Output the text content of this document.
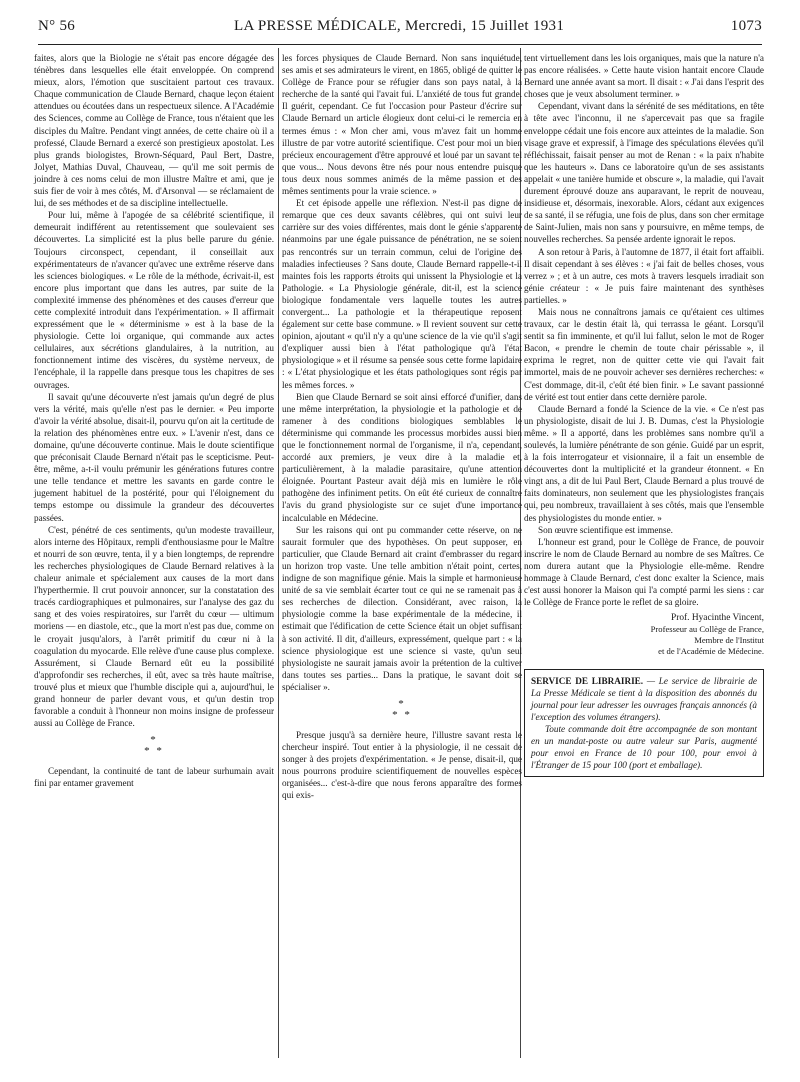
N° 56	LA PRESSE MÉDICALE, Mercredi, 15 Juillet 1931	1073

faites, alors que la Biologie ne s'était pas encore dégagée des ténèbres dans lesquelles elle était enveloppée. On comprend mieux, alors, l'émotion que suscitaient partout ces travaux. Chaque communication de Claude Bernard, chaque leçon étaient attendues ou écoutées dans un respectueux silence. A l'Académie des Sciences, comme au Collège de France, tous n'étaient que les disciples du Maître. Pendant vingt années, de cette chaire où il a professé, Claude Bernard a exercé son prestigieux apostolat. Les plus grands biologistes, Brown-Séquard, Paul Bert, Dastre, Jolyet, Mathias Duval, Chauveau, — qu'il me soit permis de joindre à ces noms celui de mon illustre Maître et ami, que je suis fier de voir à mes côtés, M. d'Arsonval — se réclamaient de lui, de ses méthodes et de sa discipline intellectuelle.

Pour lui, même à l'apogée de sa célébrité scientifique, il demeurait indifférent au retentissement que soulevaient ses découvertes. La simplicité est la plus belle parure du génie. Toujours circonspect, cependant, il conseillait aux expérimentateurs de n'avancer qu'avec une extrême réserve dans les sciences biologiques. « Le rôle de la méthode, écrivait-il, est encore plus important que dans les autres, par suite de la complexité immense des phénomènes et des causes d'erreur que cette complexité introduit dans l'expérimentation. » Il affirmait expressément que le « déterminisme » est à la base de la physiologie. Cette loi organique, qui commande aux actes cellulaires, aux sécrétions glandulaires, à la nutrition, au fonctionnement intime des viscères, du système nerveux, de l'encéphale, il la rappelle dans presque tous les chapitres de ses ouvrages.

Il savait qu'une découverte n'est jamais qu'un degré de plus vers la vérité, mais qu'elle n'est pas le dernier. « Peu importe d'avoir la vérité absolue, disait-il, pourvu qu'on ait la certitude de la relation des phénomènes entre eux. » L'avenir n'est, dans ce domaine, qu'une découverte continue. Mais le doute scientifique que préconisait Claude Bernard n'était pas le scepticisme. Peut-être, même, a-t-il voulu prémunir les générations futures contre une telle tendance et mettre les savants en garde contre le jugement habituel de la postérité, pour qui l'éloignement du temps estompe ou dissimule la grandeur des découvertes passées.

C'est, pénétré de ces sentiments, qu'un modeste travailleur, alors interne des Hôpitaux, rempli d'enthousiasme pour le Maître et nourri de son œuvre, tenta, il y a bien longtemps, de reprendre les recherches physiologiques de Claude Bernard relatives à la chaleur animale et spécialement aux causes de la mort dans l'hyperthermie. Il crut pouvoir annoncer, sur la constatation des tracés cardiographiques et pulmonaires, sur l'analyse des gaz du sang et des voies respiratoires, sur l'arrêt du cœur — ultimum moriens — en diastole, etc., que la mort n'est pas due, comme on le croyait jusqu'alors, à l'arrêt primitif du cœur ni à la coagulation du myocarde. Elle relève d'une cause plus complexe. Assurément, si Claude Bernard eût eu la possibilité d'approfondir ses recherches, il eût, avec sa très haute maîtrise, trouvé plus et mieux que l'humble disciple qui a, aujourd'hui, le grand honneur de parler devant vous, et qu'un destin trop favorable a conduit à l'honneur non moins insigne de professeur aussi au Collège de France.

*
* *

Cependant, la continuité de tant de labeur surhumain avait fini par entamer gravement

les forces physiques de Claude Bernard. Non sans inquiétude, ses amis et ses admirateurs le virent, en 1865, obligé de quitter le Collège de France pour se réfugier dans son pays natal, à la recherche de la santé qui l'avait fui. L'anxiété de tous fut grande. Il guérit, cependant. Ce fut l'occasion pour Pasteur d'écrire sur Claude Bernard un article élogieux dont celui-ci le remercia en termes émus : « Mon cher ami, vous m'avez fait un homme illustre de par votre autorité scientifique. C'est pour moi un bien précieux encouragement d'être approuvé et loué par un savant tel que vous... Nous devons être nés pour nous entendre puisque tous deux nous sommes animés de la même passion et des mêmes sentiments pour la vraie science. »

Et cet épisode appelle une réflexion. N'est-il pas digne de remarque que ces deux savants célèbres, qui ont suivi leur carrière sur des voies différentes, mais dont le génie s'apparente néanmoins par une égale puissance de pénétration, ne se soient pas rencontrés sur un terrain commun, celui de l'origine des maladies infectieuses ? Sans doute, Claude Bernard rappelle-t-il maintes fois les rapports étroits qui unissent la Physiologie et la Pathologie. « La Physiologie générale, dit-il, est la science biologique fondamentale vers laquelle toutes les autres convergent... La pathologie et la thérapeutique reposent également sur cette base commune. » Il revient souvent sur cette opinion, ajoutant « qu'il n'y a qu'une science de la vie qu'il s'agit d'expliquer aussi bien à l'état pathologique qu'à l'état physiologique » et il résume sa pensée sous cette forme lapidaire : « L'état physiologique et les états pathologiques sont régis par les mêmes forces. »

Bien que Claude Bernard se soit ainsi efforcé d'unifier, dans une même interprétation, la physiologie et la pathologie et de ramener à des conditions biologiques semblables le déterminisme qui commande les processus morbides aussi bien que le fonctionnement normal de l'organisme, il n'a, cependant, accordé aux premiers, je veux dire à la maladie et, particulièrement, à la maladie parasitaire, qu'une attention éloignée. Pourtant Pasteur avait déjà mis en lumière le rôle pathogène des infiniment petits. On eût été curieux de connaître l'avis du grand physiologiste sur ce sujet d'une importance incalculable en Médecine.

Sur les raisons qui ont pu commander cette réserve, on ne saurait formuler que des hypothèses. On peut supposer, en particulier, que Claude Bernard ait craint d'embrasser du regard un horizon trop vaste. Une telle ambition n'était point, certes, indigne de son magnifique génie. Mais la simple et harmonieuse unité de sa vie semblait écarter tout ce qui ne se ramenait pas à ses recherches de dilection. Considérant, avec raison, la physiologie comme la base expérimentale de la médecine, il estimait que l'édification de cette Science était un objet suffisant à son activité. Il dit, d'ailleurs, expressément, quelque part : « la science physiologique est une science si vaste, qu'un seul physiologiste ne saurait jamais avoir la prétention de la cultiver dans toutes ses parties... Dans la pratique, le savant doit se spécialiser ».

*
* *

Presque jusqu'à sa dernière heure, l'illustre savant resta le chercheur inspiré. Tout entier à la physiologie, il ne cessait de songer à des projets d'expérimentation. « Je pense, disait-il, que nous pourrons produire scientifiquement de nouvelles espèces organisées... c'est-à-dire que nous ferons apparaître des formes qui exis-

tent virtuellement dans les lois organiques, mais que la nature n'a pas encore réalisées. » Cette haute vision hantait encore Claude Bernard une année avant sa mort. Il disait : « J'ai dans l'esprit des choses que je veux absolument terminer. »

Cependant, vivant dans la sérénité de ses méditations, en tête à tête avec l'inconnu, il ne s'apercevait pas que sa fragile enveloppe cédait une fois encore aux atteintes de la maladie. Son visage grave et expressif, à l'image des spéculations élevées qu'il réfléchissait, faisait penser au mot de Renan : « la paix n'habite que les hauteurs ». Dans ce laboratoire qu'un de ses assistants appelait « une tanière humide et obscure », la maladie, qui l'avait durement éprouvé douze ans auparavant, le reprit de nouveau, insidieuse et, désormais, inexorable. Alors, cédant aux exigences de sa santé, il se réfugia, une fois de plus, dans son cher ermitage de Saint-Julien, mais non sans y poursuivre, en même temps, de nouvelles recherches. Sa pensée ardente ignorait le repos.

A son retour à Paris, à l'automne de 1877, il était fort affaibli. Il disait cependant à ses élèves : « j'ai fait de belles choses, vous verrez » ; et à un autre, ces mots à travers lesquels irradiait son génie créateur : « Je puis faire maintenant des synthèses partielles. »

Mais nous ne connaîtrons jamais ce qu'étaient ces ultimes travaux, car le destin était là, qui terrassa le géant. Lorsqu'il sentit sa fin imminente, et qu'il lui fallut, selon le mot de Roger Bacon, « prendre le chemin de toute chair périssable », il exprima le regret, non de quitter cette vie qui l'avait fait immortel, mais de ne pouvoir achever ses dernières recherches: « C'est dommage, dit-il, c'eût été bien finir. » Le savant passionné de vérité est tout entier dans cette dernière parole.

Claude Bernard a fondé la Science de la vie. « Ce n'est pas un physiologiste, disait de lui J. B. Dumas, c'est la Physiologie même. » Il a apporté, dans les problèmes sans nombre qu'il a soulevés, la lumière pénétrante de son génie. Guidé par un esprit, à la fois interrogateur et visionnaire, il a fait un ensemble de découvertes dont la multiplicité et la grandeur étonnent. « En vingt ans, a dit de lui Paul Bert, Claude Bernard a plus trouvé de faits dominateurs, non seulement que les physiologistes français qui, peu nombreux, travaillaient à ses côtés, mais que l'ensemble des physiologistes du monde entier. »

Son œuvre scientifique est immense.

L'honneur est grand, pour le Collège de France, de pouvoir inscrire le nom de Claude Bernard au nombre de ses Maîtres. Ce nom durera autant que la Physiologie elle-même. Rendre hommage à Claude Bernard, c'est donc exalter la Science, mais c'est aussi honorer la Maison qui l'a compté parmi les siens : car le Collège de France porte le reflet de sa gloire.

Prof. Hyacinthe Vincent,
Professeur au Collège de France,
Membre de l'Institut
et de l'Académie de Médecine.

SERVICE DE LIBRAIRIE. — Le service de librairie de La Presse Médicale se tient à la disposition des abonnés du journal pour leur adresser les ouvrages français annoncés (à l'exception des volumes étrangers).

Toute commande doit être accompagnée de son montant en un mandat-poste ou autre valeur sur Paris, augmenté pour envoi en France de 10 pour 100, pour envoi à l'Étranger de 15 pour 100 (port et emballage).
